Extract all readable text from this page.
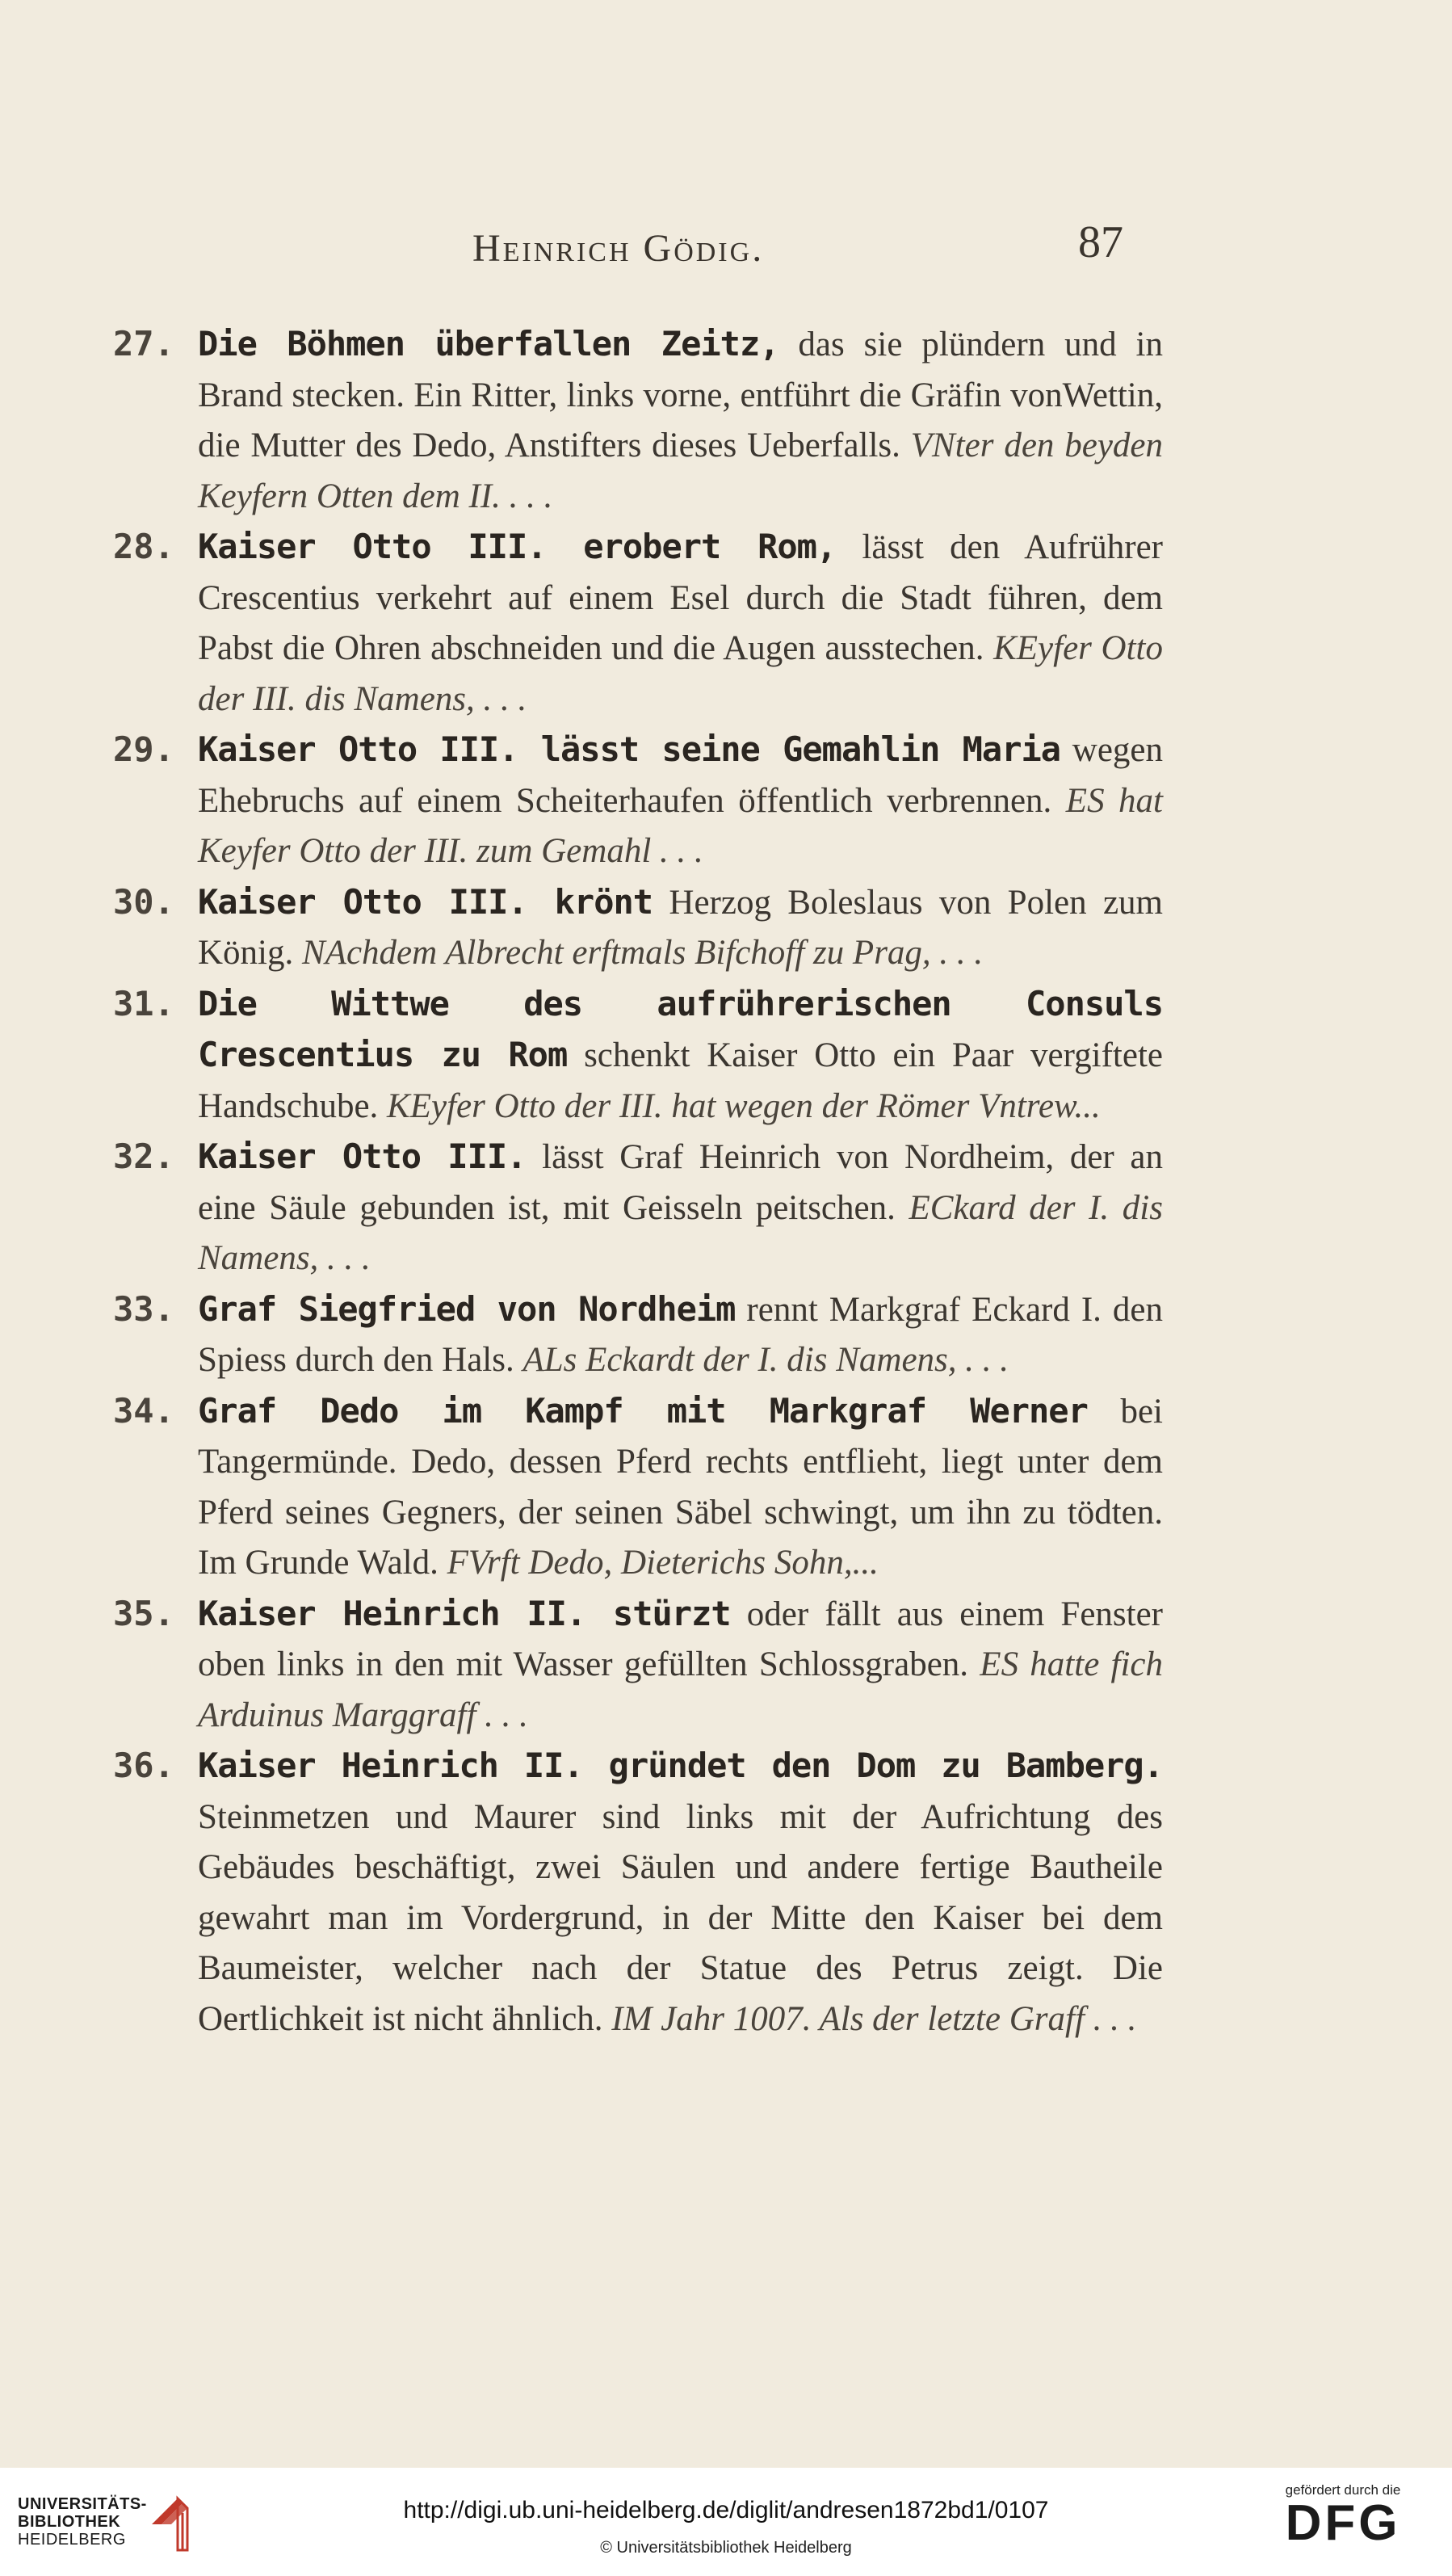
Heinrich Gödig.	87
27. Die Böhmen überfallen Zeitz, das sie plündern und in Brand stecken. Ein Ritter, links vorne, entführt die Gräfin vonWettin, die Mutter des Dedo, Anstifters dieses Ueberfalls. VNter den beyden Keyfern Otten dem II. . . .
28. Kaiser Otto III. erobert Rom, lässt den Aufrührer Crescentius verkehrt auf einem Esel durch die Stadt führen, dem Pabst die Ohren abschneiden und die Augen ausstechen. KEyfer Otto der III. dis Namens, . . .
29. Kaiser Otto III. lässt seine Gemahlin Maria wegen Ehebruchs auf einem Scheiterhaufen öffentlich verbrennen. ES hat Keyfer Otto der III. zum Gemahl . . .
30. Kaiser Otto III. krönt Herzog Boleslaus von Polen zum König. NAchdem Albrecht erftmals Bifchoff zu Prag, . . .
31. Die Wittwe des aufrührerischen Consuls Crescentius zu Rom schenkt Kaiser Otto ein Paar vergiftete Handschube. KEyfer Otto der III. hat wegen der Römer Vntrew...
32. Kaiser Otto III. lässt Graf Heinrich von Nordheim, der an eine Säule gebunden ist, mit Geisseln peitschen. ECkard der I. dis Namens, . . .
33. Graf Siegfried von Nordheim rennt Markgraf Eckard I. den Spiess durch den Hals. ALs Eckardt der I. dis Namens, . . .
34. Graf Dedo im Kampf mit Markgraf Werner bei Tangermünde. Dedo, dessen Pferd rechts entflieht, liegt unter dem Pferd seines Gegners, der seinen Säbel schwingt, um ihn zu tödten. Im Grunde Wald. FVrft Dedo, Dieterichs Sohn,...
35. Kaiser Heinrich II. stürzt oder fällt aus einem Fenster oben links in den mit Wasser gefüllten Schlossgraben. ES hatte fich Arduinus Marggraff . . .
36. Kaiser Heinrich II. gründet den Dom zu Bamberg. Steinmetzen und Maurer sind links mit der Aufrichtung des Gebäudes beschäftigt, zwei Säulen und andere fertige Bautheile gewahrt man im Vordergrund, in der Mitte den Kaiser bei dem Baumeister, welcher nach der Statue des Petrus zeigt. Die Oertlichkeit ist nicht ähnlich. IM Jahr 1007. Als der letzte Graff . . .
UNIVERSITÄTS-
BIBLIOTHEK
HEIDELBERG
http://digi.ub.uni-heidelberg.de/diglit/andresen1872bd1/0107
© Universitätsbibliothek Heidelberg
gefördert durch die
DFG
